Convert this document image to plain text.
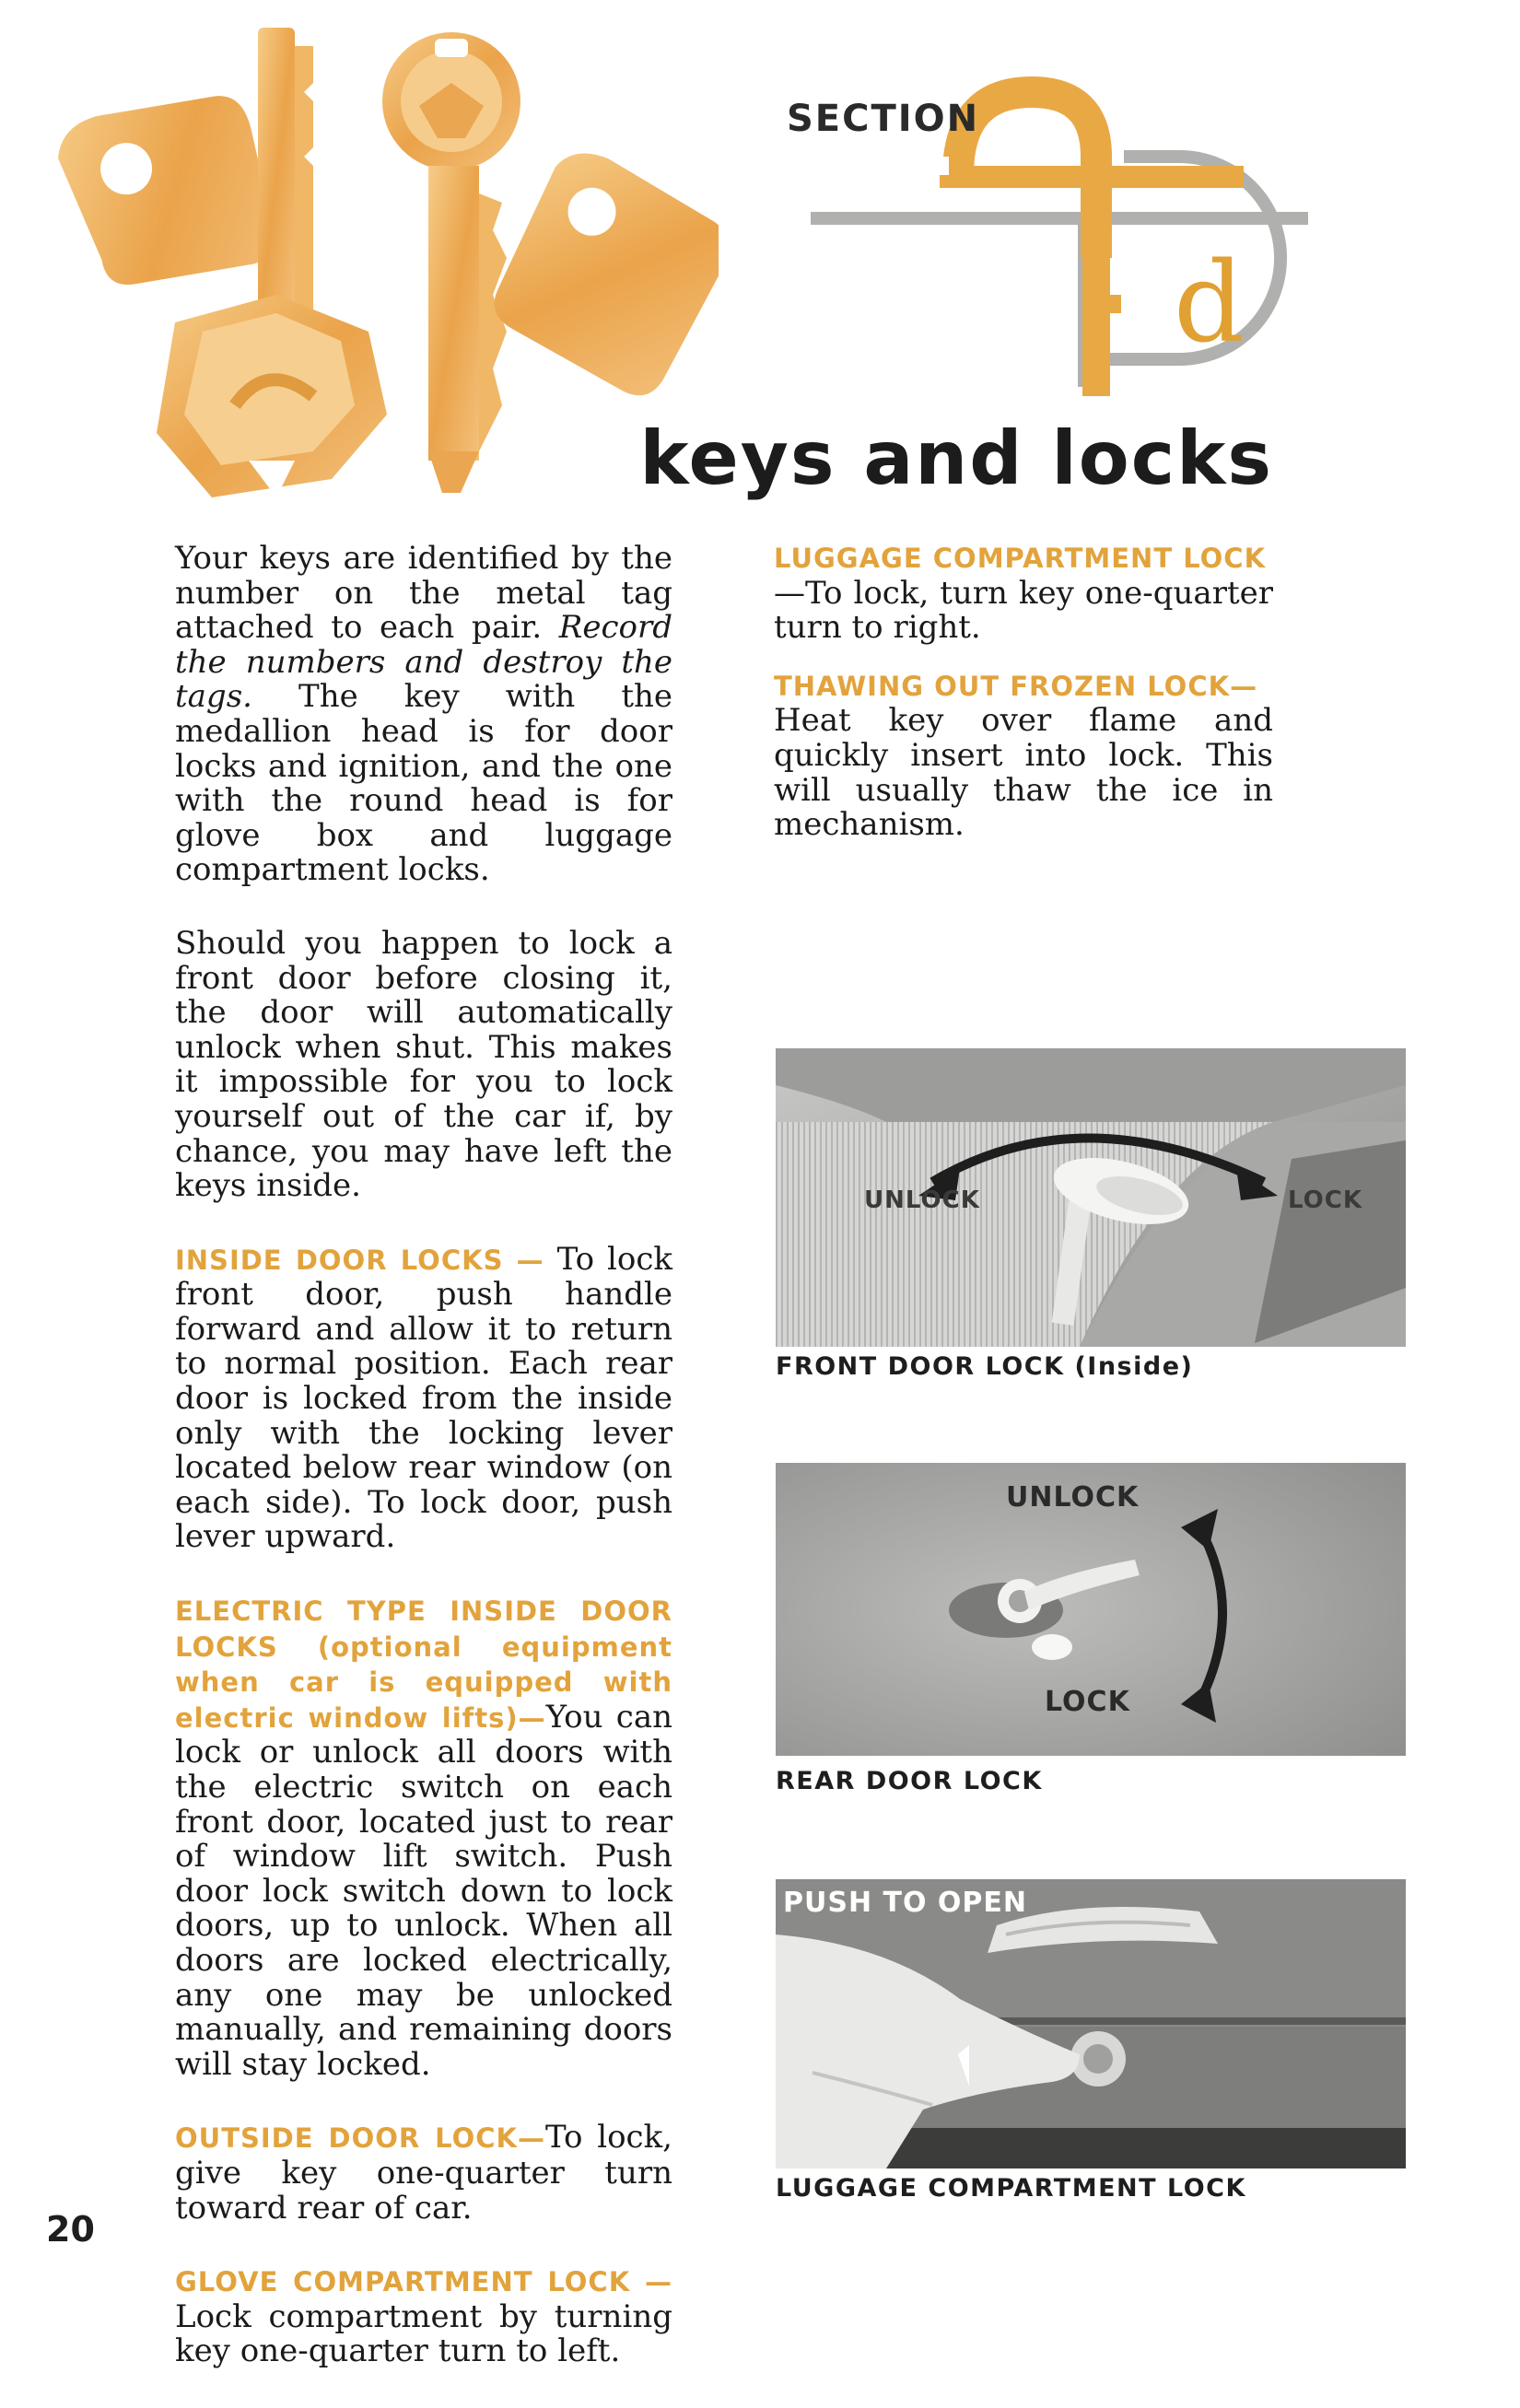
SECTION
d
keys and locks

Your keys are identified by the number on the metal tag attached to each pair. Record the numbers and destroy the tags. The key with the medallion head is for door locks and ignition, and the one with the round head is for glove box and luggage compartment locks.

Should you happen to lock a front door before closing it, the door will automatically unlock when shut. This makes it impossible for you to lock yourself out of the car if, by chance, you may have left the keys inside.

INSIDE DOOR LOCKS — To lock front door, push handle forward and allow it to return to normal position. Each rear door is locked from the inside only with the locking lever located below rear window (on each side). To lock door, push lever upward.

ELECTRIC TYPE INSIDE DOOR LOCKS (optional equipment when car is equipped with electric window lifts)—You can lock or unlock all doors with the electric switch on each front door, located just to rear of window lift switch. Push door lock switch down to lock doors, up to unlock. When all doors are locked electrically, any one may be unlocked manually, and remaining doors will stay locked.

OUTSIDE DOOR LOCK—To lock, give key one-quarter turn toward rear of car.

GLOVE COMPARTMENT LOCK — Lock compartment by turning key one-quarter turn to left.

LUGGAGE COMPARTMENT LOCK
—To lock, turn key one-quarter turn to right.

THAWING OUT FROZEN LOCK—
Heat key over flame and quickly insert into lock. This will usually thaw the ice in mechanism.

UNLOCK	LOCK
FRONT DOOR LOCK (Inside)
UNLOCK
LOCK
REAR DOOR LOCK
PUSH TO OPEN
LUGGAGE COMPARTMENT LOCK
20
